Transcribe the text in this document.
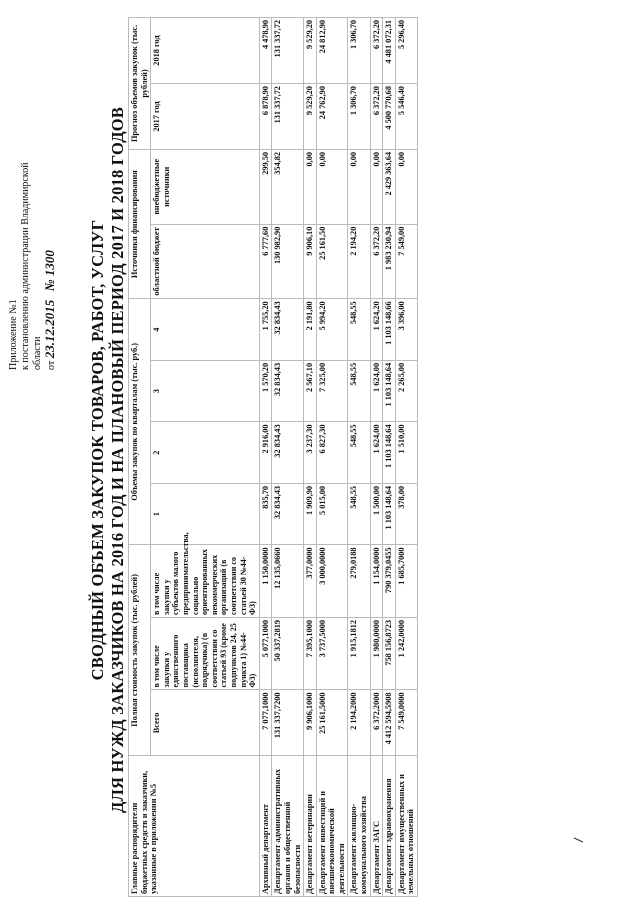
Приложение №1 к постановлению администрации Владимирской области от 23.12.2015 № 1300 СВОДНЫЙ ОБЪЕМ ЗАКУПОК ТОВАРОВ, РАБОТ, УСЛУГ ДЛЯ НУЖД ЗАКАЗЧИКОВ НА 2016 ГОД И НА ПЛАНОВЫЙ ПЕРИОД 2017 И 2018 ГОДОВ
Главные распорядители бюджетных средств и заказчики, указанные в приложении №5	Полная стоимость закупок (тыс. рублей)			Объемы закупок по кварталам (тыс. руб.)				Источники финансирования		Прогноз объемов закупок (тыс. рублей)	
	Всего	в том числе закупки у единственного поставщика (исполнителя, подрядчика) (в соответствии со статьей 93 (кроме подпунктов 24, 25 пункта 1) №44-ФЗ)	в том числе закупки у субъектов малого предпринимательства, социально ориентированных некоммерческих организаций (в соответствии со статьей 30 №44-ФЗ)	1	2	3	4	областной бюджет	внебюджетные источники	2017 год	2018 год

Архивный департамент	7 077,1000	5 077,1000	1 150,0000	835,70	2 916,00	1 570,20	1 755,20	6 777,60	299,50	6 878,90	4 478,90
Департамент административных органов и общественной безопасности	131 337,7200	50 337,2819	12 135,0660	32 834,43	32 834,43	32 834,43	32 834,43	130 982,90	354,82	131 337,72	131 337,72
Департамент ветеринарии	9 906,1000	7 395,1000	377,0000	1 909,90	3 237,30	2 567,10	2 191,80	9 906,10	0,00	9 529,20	9 529,20
Департамент инвестиций и внешнеэкономической деятельности	25 161,5000	3 737,5000	3 000,0000	5 015,00	6 827,30	7 325,00	5 994,20	25 161,50	0,00	24 762,90	24 812,90
Департамент жилищно-коммунального хозяйства	2 194,2000	1 915,1812	279,0188	548,55	548,55	548,55	548,55	2 194,20	0,00	1 306,70	1 306,70
Департамент ЗАГС	6 372,2000	1 980,0000	1 154,0000	1 500,00	1 624,00	1 624,00	1 624,20	6 372,20	0,00	6 372,20	6 372,20
Департамент здравоохранения	4 412 594,5908	758 156,8723	790 379,0455	1 103 148,64	1 103 148,64	1 103 148,64	1 103 148,66	1 983 230,94	2 429 363,64	4 500 770,68	4 481 072,31
Департамент имущественных и земельных отношений	7 549,0000	1 242,0000	1 685,7000	378,00	1 510,00	2 265,00	3 396,00	7 549,00	0,00	5 546,40	5 296,40
